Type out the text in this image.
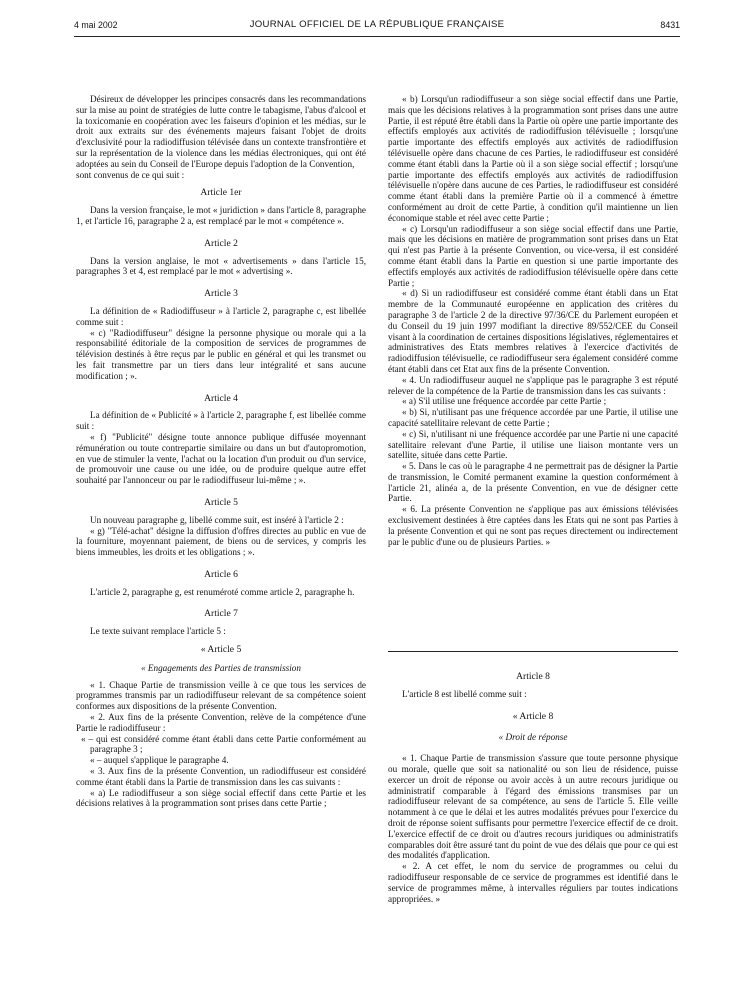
4 mai 2002	JOURNAL OFFICIEL DE LA RÉPUBLIQUE FRANÇAISE	8431

Désireux de développer les principes consacrés dans les recommandations sur la mise au point de stratégies de lutte contre le tabagisme, l'abus d'alcool et la toxicomanie en coopération avec les faiseurs d'opinion et les médias, sur le droit aux extraits sur des événements majeurs faisant l'objet de droits d'exclusivité pour la radiodiffusion télévisée dans un contexte transfrontière et sur la représentation de la violence dans les médias électroniques, qui ont été adoptées au sein du Conseil de l'Europe depuis l'adoption de la Convention,

sont convenus de ce qui suit :

Article 1er

Dans la version française, le mot « juridiction » dans l'article 8, paragraphe 1, et l'article 16, paragraphe 2 a, est remplacé par le mot « compétence ».

Article 2

Dans la version anglaise, le mot « advertisements » dans l'article 15, paragraphes 3 et 4, est remplacé par le mot « advertising ».

Article 3

La définition de « Radiodiffuseur » à l'article 2, paragraphe c, est libellée comme suit :

« c) "Radiodiffuseur" désigne la personne physique ou morale qui a la responsabilité éditoriale de la composition de services de programmes de télévision destinés à être reçus par le public en général et qui les transmet ou les fait transmettre par un tiers dans leur intégralité et sans aucune modification ; ».

Article 4

La définition de « Publicité » à l'article 2, paragraphe f, est libellée comme suit :

« f) "Publicité" désigne toute annonce publique diffusée moyennant rémunération ou toute contrepartie similaire ou dans un but d'autopromotion, en vue de stimuler la vente, l'achat ou la location d'un produit ou d'un service, de promouvoir une cause ou une idée, ou de produire quelque autre effet souhaité par l'annonceur ou par le radiodiffuseur lui-même ; ».

Article 5

Un nouveau paragraphe g, libellé comme suit, est inséré à l'article 2 :

« g) "Télé-achat" désigne la diffusion d'offres directes au public en vue de la fourniture, moyennant paiement, de biens ou de services, y compris les biens immeubles, les droits et les obligations ; ».

Article 6

L'article 2, paragraphe g, est renuméroté comme article 2, paragraphe h.

Article 7

Le texte suivant remplace l'article 5 :

« Article 5
« Engagements des Parties de transmission

« 1. Chaque Partie de transmission veille à ce que tous les services de programmes transmis par un radiodiffuseur relevant de sa compétence soient conformes aux dispositions de la présente Convention.

« 2. Aux fins de la présente Convention, relève de la compétence d'une Partie le radiodiffuseur :

« – qui est considéré comme étant établi dans cette Partie conformément au paragraphe 3 ;

« – auquel s'applique le paragraphe 4.

« 3. Aux fins de la présente Convention, un radiodiffuseur est considéré comme étant établi dans la Partie de transmission dans les cas suivants :

« a) Le radiodiffuseur a son siège social effectif dans cette Partie et les décisions relatives à la programmation sont prises dans cette Partie ;

« b) Lorsqu'un radiodiffuseur a son siège social effectif dans une Partie, mais que les décisions relatives à la programmation sont prises dans une autre Partie, il est réputé être établi dans la Partie où opère une partie importante des effectifs employés aux activités de radiodiffusion télévisuelle ; lorsqu'une partie importante des effectifs employés aux activités de radiodiffusion télévisuelle opère dans chacune de ces Parties, le radiodiffuseur est considéré comme étant établi dans la Partie où il a son siège social effectif ; lorsqu'une partie importante des effectifs employés aux activités de radiodiffusion télévisuelle n'opère dans aucune de ces Parties, le radiodiffuseur est considéré comme étant établi dans la première Partie où il a commencé à émettre conformément au droit de cette Partie, à condition qu'il maintienne un lien économique stable et réel avec cette Partie ;

« c) Lorsqu'un radiodiffuseur a son siège social effectif dans une Partie, mais que les décisions en matière de programmation sont prises dans un Etat qui n'est pas Partie à la présente Convention, ou vice-versa, il est considéré comme étant établi dans la Partie en question si une partie importante des effectifs employés aux activités de radiodiffusion télévisuelle opère dans cette Partie ;

« d) Si un radiodiffuseur est considéré comme étant établi dans un Etat membre de la Communauté européenne en application des critères du paragraphe 3 de l'article 2 de la directive 97/36/CE du Parlement européen et du Conseil du 19 juin 1997 modifiant la directive 89/552/CEE du Conseil visant à la coordination de certaines dispositions législatives, réglementaires et administratives des Etats membres relatives à l'exercice d'activités de radiodiffusion télévisuelle, ce radiodiffuseur sera également considéré comme étant établi dans cet Etat aux fins de la présente Convention.

« 4. Un radiodiffuseur auquel ne s'applique pas le paragraphe 3 est réputé relever de la compétence de la Partie de transmission dans les cas suivants :

« a) S'il utilise une fréquence accordée par cette Partie ;

« b) Si, n'utilisant pas une fréquence accordée par une Partie, il utilise une capacité satellitaire relevant de cette Partie ;

« c) Si, n'utilisant ni une fréquence accordée par une Partie ni une capacité satellitaire relevant d'une Partie, il utilise une liaison montante vers un satellite, située dans cette Partie.

« 5. Dans le cas où le paragraphe 4 ne permettrait pas de désigner la Partie de transmission, le Comité permanent examine la question conformément à l'article 21, alinéa a, de la présente Convention, en vue de désigner cette Partie.

« 6. La présente Convention ne s'applique pas aux émissions télévisées exclusivement destinées à être captées dans les Etats qui ne sont pas Parties à la présente Convention et qui ne sont pas reçues directement ou indirectement par le public d'une ou de plusieurs Parties. »

Article 8

L'article 8 est libellé comme suit :

« Article 8
« Droit de réponse

« 1. Chaque Partie de transmission s'assure que toute personne physique ou morale, quelle que soit sa nationalité ou son lieu de résidence, puisse exercer un droit de réponse ou avoir accès à un autre recours juridique ou administratif comparable à l'égard des émissions transmises par un radiodiffuseur relevant de sa compétence, au sens de l'article 5. Elle veille notamment à ce que le délai et les autres modalités prévues pour l'exercice du droit de réponse soient suffisants pour permettre l'exercice effectif de ce droit. L'exercice effectif de ce droit ou d'autres recours juridiques ou administratifs comparables doit être assuré tant du point de vue des délais que pour ce qui est des modalités d'application.

« 2. A cet effet, le nom du service de programmes ou celui du radiodiffuseur responsable de ce service de programmes est identifié dans le service de programmes même, à intervalles réguliers par toutes indications appropriées. »
